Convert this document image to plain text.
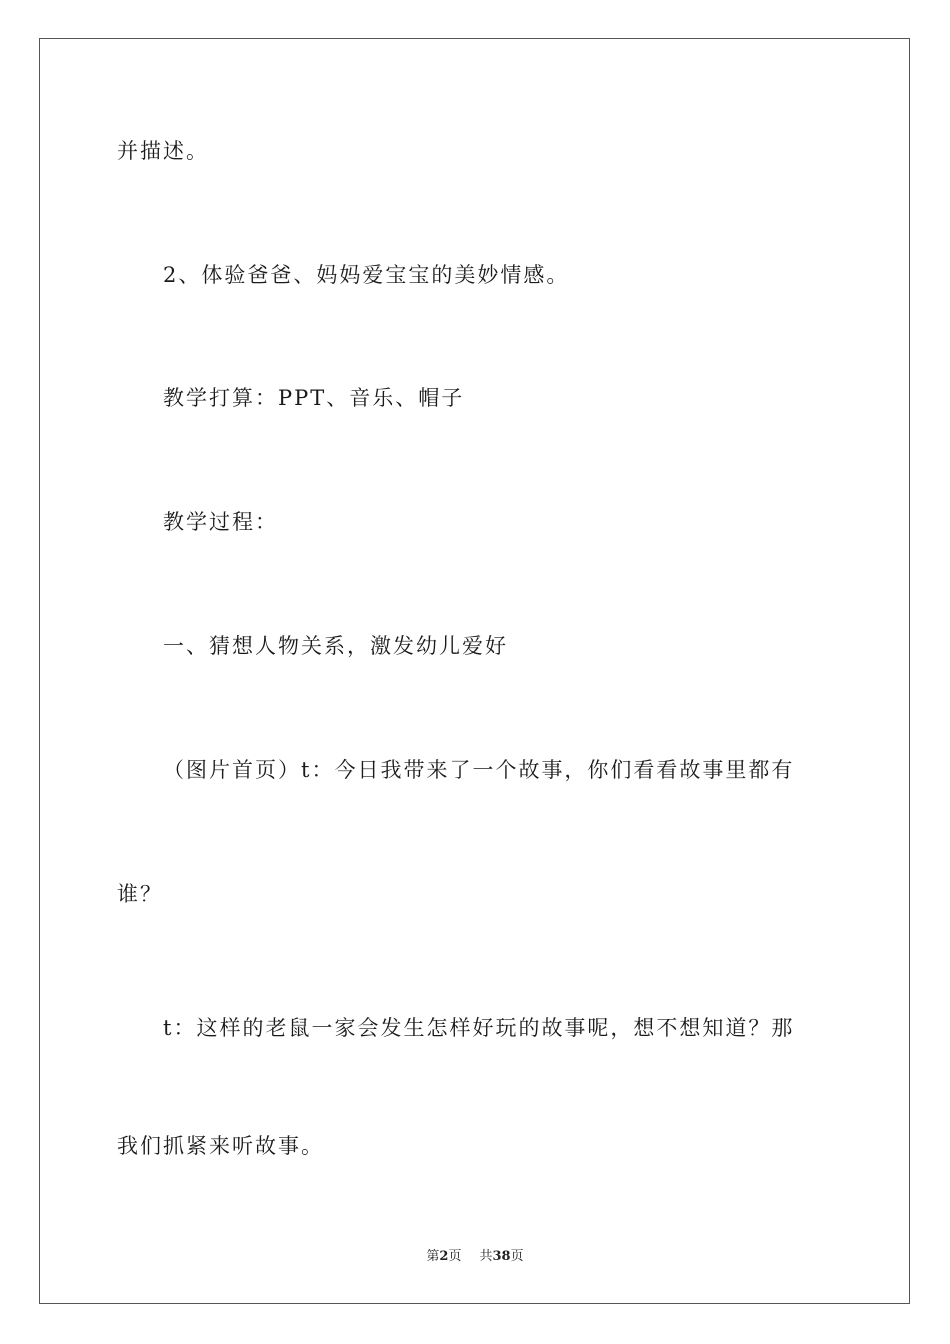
并描述。
2、体验爸爸、妈妈爱宝宝的美妙情感。
教学打算：PPT、音乐、帽子
教学过程：
一、猜想人物关系，激发幼儿爱好
（图片首页）t：今日我带来了一个故事，你们看看故事里都有
谁？
t：这样的老鼠一家会发生怎样好玩的故事呢，想不想知道？那
我们抓紧来听故事。
第2页 共38页
